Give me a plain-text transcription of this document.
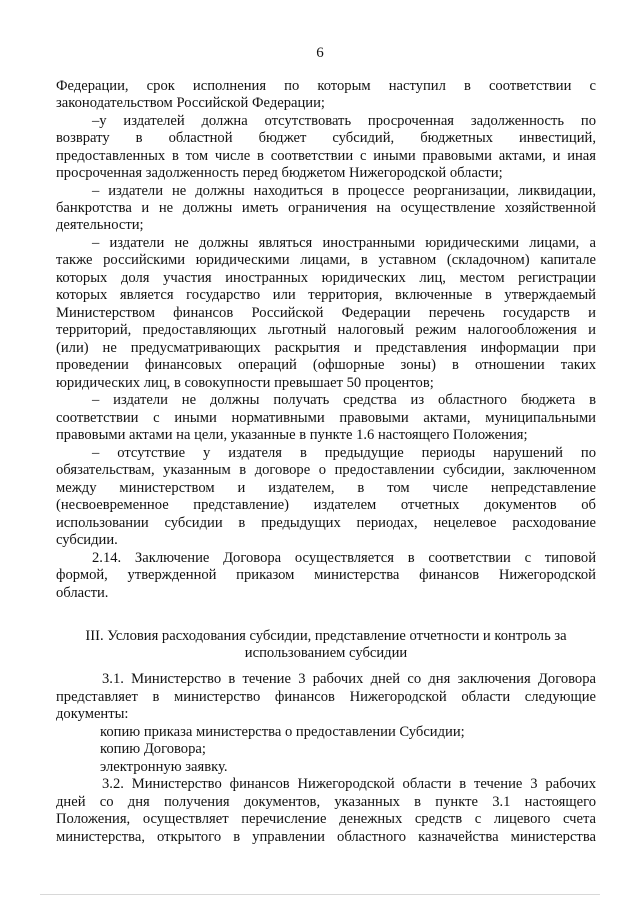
6
Федерации, срок исполнения по которым наступил в соответствии с
законодательством Российской Федерации;
–у издателей должна отсутствовать просроченная задолженность по
возврату в областной бюджет субсидий, бюджетных инвестиций,
предоставленных в том числе в соответствии с иными правовыми актами, и иная
просроченная задолженность перед бюджетом Нижегородской области;
– издатели не должны находиться в процессе реорганизации, ликвидации,
банкротства и не должны иметь ограничения на осуществление хозяйственной
деятельности;
– издатели не должны являться иностранными юридическими лицами, а
также российскими юридическими лицами, в уставном (складочном) капитале
которых доля участия иностранных юридических лиц, местом регистрации
которых является государство или территория, включенные в утверждаемый
Министерством финансов Российской Федерации перечень государств и
территорий, предоставляющих льготный налоговый режим налогообложения и
(или) не предусматривающих раскрытия и представления информации при
проведении финансовых операций (офшорные зоны) в отношении таких
юридических лиц, в совокупности превышает 50 процентов;
– издатели не должны получать средства из областного бюджета в
соответствии с иными нормативными правовыми актами, муниципальными
правовыми актами на цели, указанные в пункте 1.6 настоящего Положения;
– отсутствие у издателя в предыдущие периоды нарушений по
обязательствам, указанным в договоре о предоставлении субсидии, заключенном
между министерством и издателем, в том числе непредставление
(несвоевременное представление) издателем отчетных документов об
использовании субсидии в предыдущих периодах, нецелевое расходование
субсидии.
2.14. Заключение Договора осуществляется в соответствии с типовой
формой, утвержденной приказом министерства финансов Нижегородской
области.
III. Условия расходования субсидии, представление отчетности и контроль за
использованием субсидии
3.1. Министерство в течение 3 рабочих дней со дня заключения Договора
представляет в министерство финансов Нижегородской области следующие
документы:
копию приказа министерства о предоставлении Субсидии;
копию Договора;
электронную заявку.
3.2. Министерство финансов Нижегородской области в течение 3 рабочих
дней со дня получения документов, указанных в пункте 3.1 настоящего
Положения, осуществляет перечисление денежных средств с лицевого счета
министерства, открытого в управлении областного казначейства министерства
